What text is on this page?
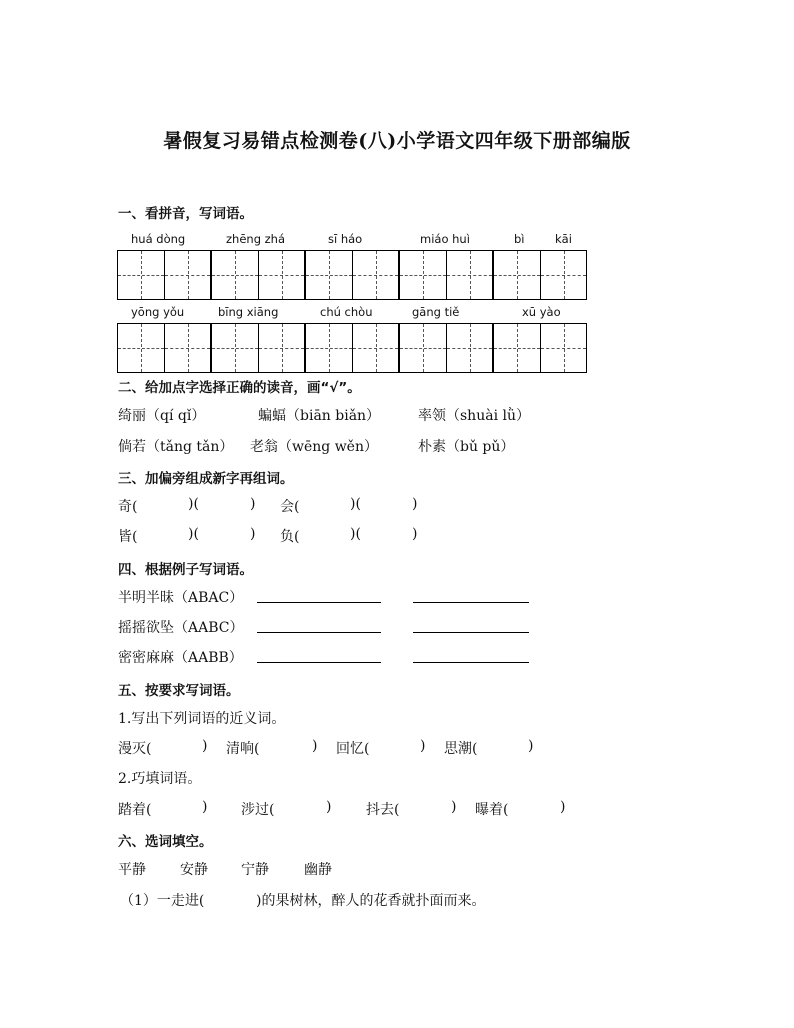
暑假复习易错点检测卷(八)小学语文四年级下册部编版
一、看拼音，写词语。
huá dòng	zhēng zhá	sī háo	miáo huì	bì	kāi
yōng yǒu	bīng xiāng	chú chòu	gāng tiě	xū yào
二、给加点字选择正确的读音，画“√”。
绮丽（qí qǐ）	蝙蝠（biān biǎn）	率领（shuài lǜ）
倘若（tǎng tǎn） 老翁（wēng wěn）	朴素（bǔ pǔ）
三、加偏旁组成新字再组词。
奇(	)(	) 会(	)(	)
皆(	)(	) 负(	)(	)
四、根据例子写词语。
半明半昧（ABAC）
摇摇欲坠（AABC）
密密麻麻（AABB）
五、按要求写词语。
1.写出下列词语的近义词。
漫灭(	) 清响(	) 回忆(	) 思潮(	)
2.巧填词语。
踏着(	) 涉过(	) 抖去(	) 曝着(	)
六、选词填空。
平静 安静 宁静	幽静
（1）一走进(	)的果树林，醉人的花香就扑面而来。
